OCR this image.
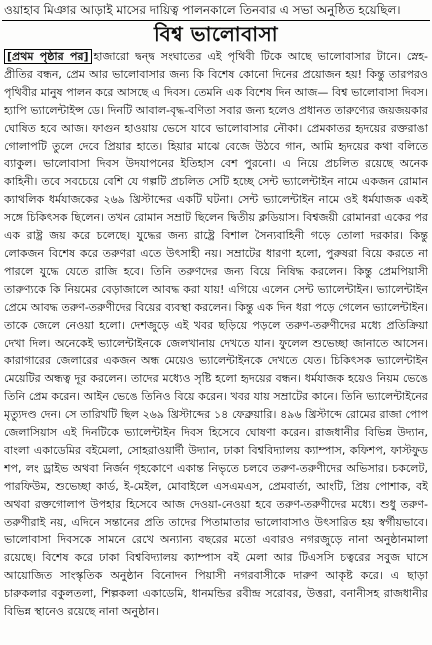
ওয়াহাব মিঞার আড়াই মাসের দায়িত্ব পালনকালে তিনবার এ সভা অনুষ্ঠিত হয়েছিল।
বিশ্ব ভালোবাসা
[প্রথম পৃষ্ঠার পর] হাজারো দ্বন্দ্ব সংঘাতের এই পৃথিবী টিকে আছে ভালোবাসার টানে। স্নেহ-প্রীতির বন্ধন, প্রেম আর ভালোবাসার জন্য কি বিশেষ কোনো দিনের প্রয়োজন হয়! কিন্তু তারপরও পৃথিবীর মানুষ পালন করে আসছে এ দিবস। তেমনি এক বিশেষ দিন আজ— বিশ্ব ভালোবাসা দিবস। হ্যাপি ভ্যালেন্টাইন্স ডে। দিনটি আবাল-বৃদ্ধ-বণিতা সবার জন্য হলেও প্রধানত তারুণ্যের জয়জয়কার ঘোষিত হবে আজ। ফাগুন হাওয়ায় ভেসে যাবে ভালোবাসার নৌকা। প্রেমকাতর হৃদয়ের রক্তরাঙা গোলাপটি তুলে দেবে প্রিয়ার হাতে। হিয়ার মাঝে বেজে উঠবে গান, আমি হৃদয়ের কথা বলিতে ব্যাকুল। ভালোবাসা দিবস উদযাপনের ইতিহাস বেশ পুরনো। এ নিয়ে প্রচলিত রয়েছে অনেক কাহিনী। তবে সবচেয়ে বেশি যে গল্পটি প্রচলিত সেটি হচ্ছে সেন্ট ভ্যালেন্টাইন নামে একজন রোমান ক্যাথলিক ধর্মযাজকের ২৬৯ খ্রিস্টাব্দের একটি ঘটনা। সেন্ট ভ্যালেন্টাইন নামে ওই ধর্মযাজক একই সঙ্গে চিকিৎসক ছিলেন। তখন রোমান সম্রাট ছিলেন দ্বিতীয় ক্লডিয়াস। বিশ্বজয়ী রোমানরা একের পর এক রাষ্ট্র জয় করে চলেছে। যুদ্ধের জন্য রাষ্ট্রে বিশাল সৈন্যবাহিনী গড়ে তোলা দরকার। কিন্তু লোকজন বিশেষ করে তরুণরা এতে উৎসাহী নয়। সম্রাটের ধারণা হলো, পুরুষরা বিয়ে করতে না পারলে যুদ্ধে যেতে রাজি হবে। তিনি তরুণদের জন্য বিয়ে নিষিদ্ধ করলেন। কিন্তু প্রেমপিয়াসী তারুণ্যকে কি নিয়মের বেড়াজালে আবদ্ধ করা যায়! এগিয়ে এলেন সেন্ট ভ্যালেন্টাইন। ভ্যালেন্টাইন প্রেমে আবদ্ধ তরুণ-তরুণীদের বিয়ের ব্যবস্থা করলেন। কিন্তু এক দিন ধরা পড়ে গেলেন ভ্যালেন্টাইন। তাকে জেলে নেওয়া হলো। দেশজুড়ে এই খবর ছড়িয়ে পড়লে তরুণ-তরুণীদের মধ্যে প্রতিক্রিয়া দেখা দিল। অনেকেই ভ্যালেন্টাইনকে জেলখানায় দেখতে যান। ফুলেল শুভেচ্ছা জানাতে আসেন। কারাগারের জেলারের একজন অন্ধ মেয়েও ভ্যালেন্টাইনকে দেখতে যেত। চিকিৎসক ভ্যালেন্টাইন মেয়েটির অন্ধত্ব দূর করলেন। তাদের মধ্যেও সৃষ্টি হলো হৃদয়ের বন্ধন। ধর্মযাজক হয়েও নিয়ম ভেঙে তিনি প্রেম করেন। আইন ভেঙে তিনিও বিয়ে করেন। খবর যায় সম্রাটের কানে। তিনি ভ্যালেন্টাইনের মৃত্যুদণ্ড দেন। সে তারিখটি ছিল ২৬৯ খ্রিস্টাব্দের ১৪ ফেব্রুয়ারি। ৪৯৬ খ্রিস্টাব্দে রোমের রাজা পোপ জেলাসিয়াস এই দিনটিকে ভ্যালেন্টাইন দিবস হিসেবে ঘোষণা করেন। রাজধানীর বিভিন্ন উদ্যান, বাংলা একাডেমির বইমেলা, সোহরাওয়ার্দী উদ্যান, ঢাকা বিশ্ববিদ্যালয় ক্যাম্পাস, কফিশপ, ফাস্টফুড শপ, লং ড্রাইভ অথবা নির্জন গৃহকোণে একান্ত নিভৃতে চলবে তরুণ-তরুণীদের অভিসার। চকলেট, পারফিউম, শুভেচ্ছা কার্ড, ই-মেইল, মোবাইলে এসএমএস, প্রেমবার্তা, আংটি, প্রিয় পোশাক, বই অথবা রক্তগোলাপ উপহার হিসেবে আজ দেওয়া-নেওয়া হবে তরুণ-তরুণীদের মধ্যে। শুধু তরুণ-তরুণীরাই নয়, এদিনে সন্তানের প্রতি তাদের পিতামাতার ভালোবাসাও উৎসারিত হয় স্বর্গীয়ভাবে। ভালোবাসা দিবসকে সামনে রেখে অন্যান্য বছরের মতো এবারও নগরজুড়ে নানা অনুষ্ঠানমালা রয়েছে। বিশেষ করে ঢাকা বিশ্ববিদ্যালয় ক্যাম্পাস বই মেলা আর টিএসসি চত্বরের সবুজ ঘাসে আয়োজিত সাংস্কৃতিক অনুষ্ঠান বিনোদন পিয়াসী নগরবাসীকে দারুণ আকৃষ্ট করে। এ ছাড়া চারুকলার বকুলতলা, শিল্পকলা একাডেমি, ধানমন্ডির রবীন্দ্র সরোবর, উত্তরা, বনানীসহ রাজধানীর বিভিন্ন স্থানেও রয়েছে নানা অনুষ্ঠান।
